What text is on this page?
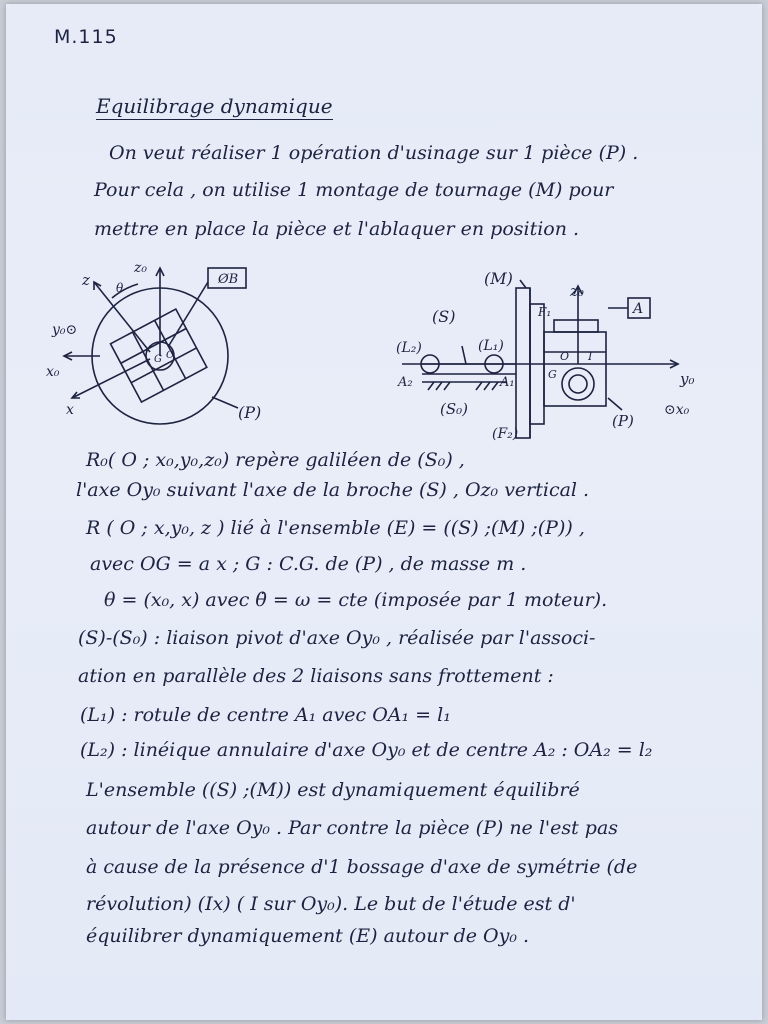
M.115
Equilibrage dynamique
On veut réaliser 1 opération d'usinage sur 1 pièce (P) .
Pour cela , on utilise 1 montage de tournage (M) pour
mettre en place la pièce et l'ablaquer en position .
z
z₀
θ
ØB
y₀⊙
x₀
x	(P)
G O
(M)
(S)
z₀
A
F₁
(L₂)	(L₁)
O I
G	y₀
A₂	A₁
(S₀)
(F₂)
(P)
⊙x₀
R₀( O ; x₀,y₀,z₀) repère galiléen de (S₀) ,
l'axe Oy₀ suivant l'axe de la broche (S) , Oz₀ vertical .
R ( O ; x,y₀, z ) lié à l'ensemble (E) = ((S) ;(M) ;(P)) ,
avec OG = a x ; G : C.G. de (P) , de masse m .
θ = (x₀, x) avec θ̇ = ω = cte (imposée par 1 moteur).
(S)-(S₀) : liaison pivot d'axe Oy₀ , réalisée par l'associ-
ation en parallèle des 2 liaisons sans frottement :
(L₁) : rotule de centre A₁ avec OA₁ = l₁
(L₂) : linéique annulaire d'axe Oy₀ et de centre A₂ : OA₂ = l₂
L'ensemble ((S) ;(M)) est dynamiquement équilibré
autour de l'axe Oy₀ . Par contre la pièce (P) ne l'est pas
à cause de la présence d'1 bossage d'axe de symétrie (de
révolution) (Ix) ( I sur Oy₀). Le but de l'étude est d'
équilibrer dynamiquement (E) autour de Oy₀ .
